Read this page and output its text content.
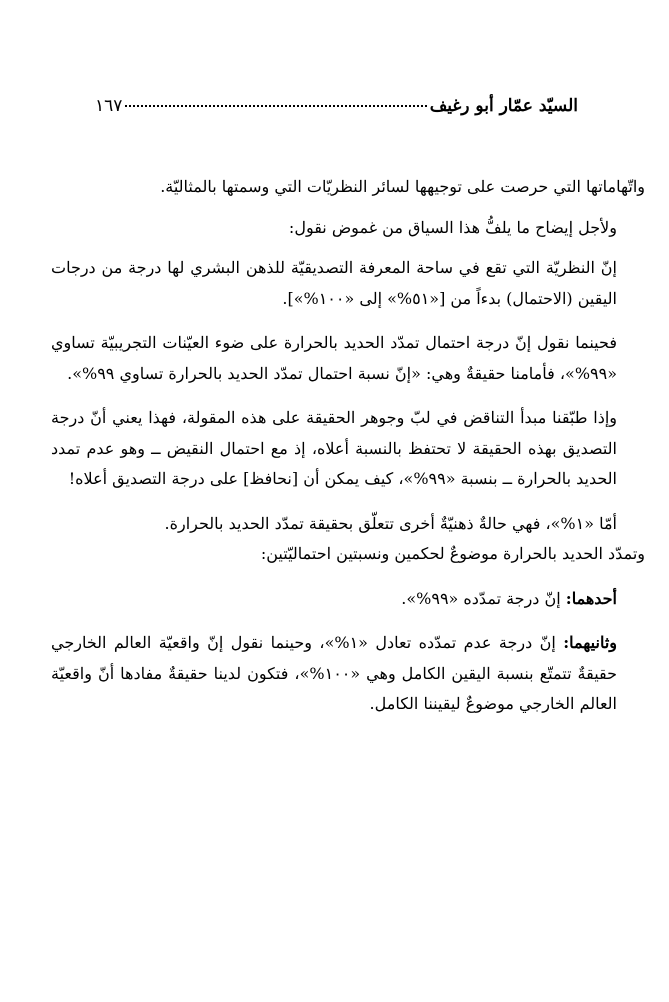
السيّد عمّار أبو رغيف
١٦٧

واتّهاماتها التي حرصت على توجيهها لسائر النظريّات التي وسمتها بالمثاليّة.

ولأجل إيضاح ما يلفُّ هذا السياق من غموض نقول:

إنّ النظريّة التي تقع في ساحة المعرفة التصديقيّة للذهن البشري لها درجة من درجات اليقين (الاحتمال) بدءاً من [«٥١%» إلى «١٠٠%»].

فحينما نقول إنّ درجة احتمال تمدّد الحديد بالحرارة على ضوء العيّنات التجريبيّة تساوي «٩٩%»، فأمامنا حقيقةٌ وهي: «إنّ نسبة احتمال تمدّد الحديد بالحرارة تساوي ٩٩%».

وإذا طبّقنا مبدأ التناقض في لبّ وجوهر الحقيقة على هذه المقولة، فهذا يعني أنّ درجة التصديق بهذه الحقيقة لا تحتفظ بالنسبة أعلاه، إذ مع احتمال النقيض ــ وهو عدم تمدد الحديد بالحرارة ــ بنسبة «٩٩%»، كيف يمكن أن [نحافظ] على درجة التصديق أعلاه!

أمّا «١%»، فهي حالةٌ ذهنيّةٌ أخرى تتعلّق بحقيقة تمدّد الحديد بالحرارة.

وتمدّد الحديد بالحرارة موضوعٌ لحكمين ونسبتين احتماليّتين:

أحدهما: إنّ درجة تمدّده «٩٩%».

وثانيهما: إنّ درجة عدم تمدّده تعادل «١%»، وحينما نقول إنّ واقعيّة العالم الخارجي حقيقةٌ تتمتّع بنسبة اليقين الكامل وهي «١٠٠%»، فتكون لدينا حقيقةٌ مفادها أنّ واقعيّة العالم الخارجي موضوعٌ ليقيننا الكامل.
